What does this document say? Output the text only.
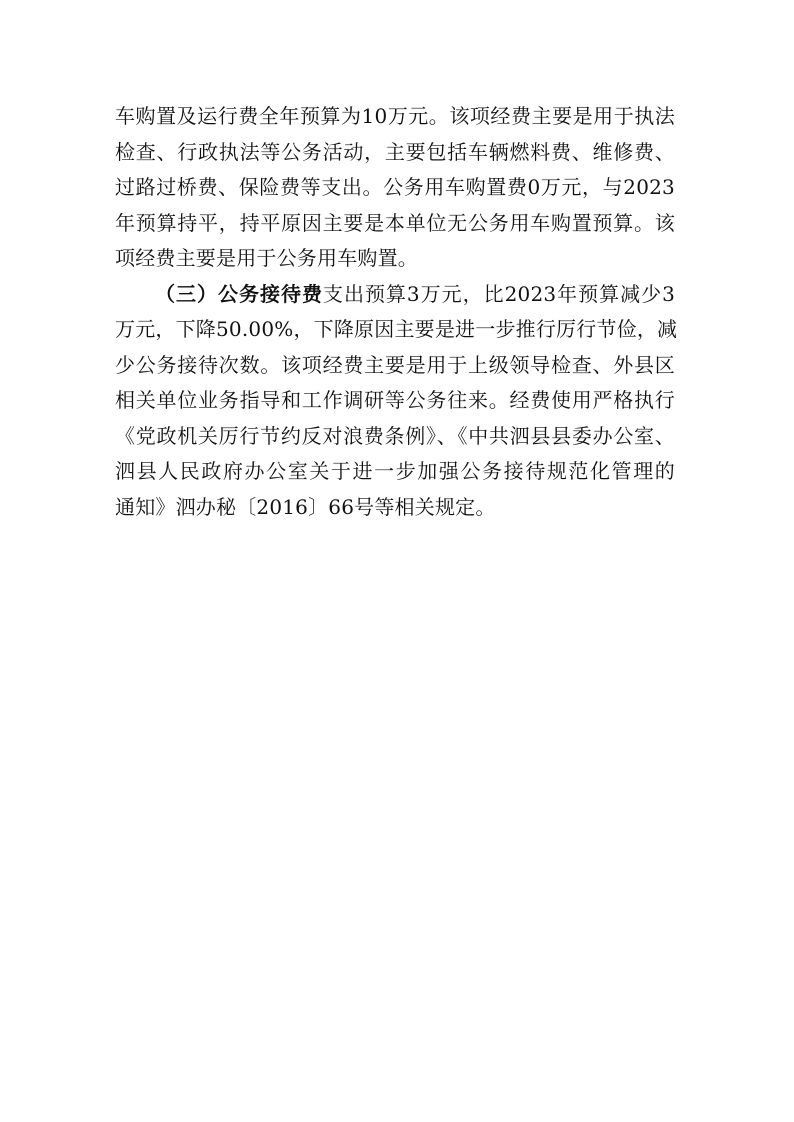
车购置及运行费全年预算为10万元。该项经费主要是用于执法
检查、行政执法等公务活动，主要包括车辆燃料费、维修费、
过路过桥费、保险费等支出。公务用车购置费0万元，与2023
年预算持平，持平原因主要是本单位无公务用车购置预算。该
项经费主要是用于公务用车购置。
（三）公务接待费支出预算3万元，比2023年预算减少3
万元，下降50.00%，下降原因主要是进一步推行厉行节俭，减
少公务接待次数。该项经费主要是用于上级领导检查、外县区
相关单位业务指导和工作调研等公务往来。经费使用严格执行
《党政机关厉行节约反对浪费条例》、《中共泗县县委办公室、
泗县人民政府办公室关于进一步加强公务接待规范化管理的
通知》泗办秘〔2016〕66号等相关规定。
